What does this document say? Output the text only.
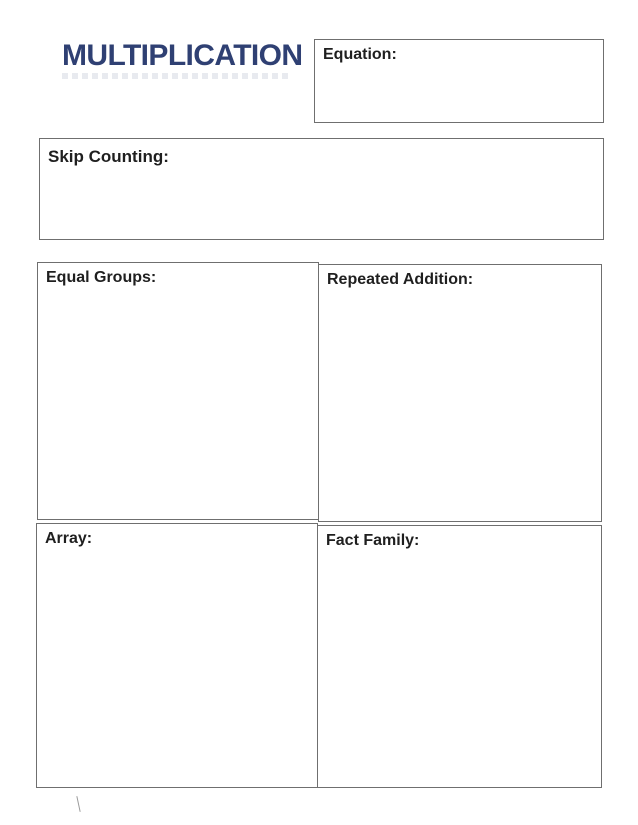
MULTIPLICATION Equation:
Skip Counting:
Equal Groups:	Repeated Addition:
Array:	Fact Family:
